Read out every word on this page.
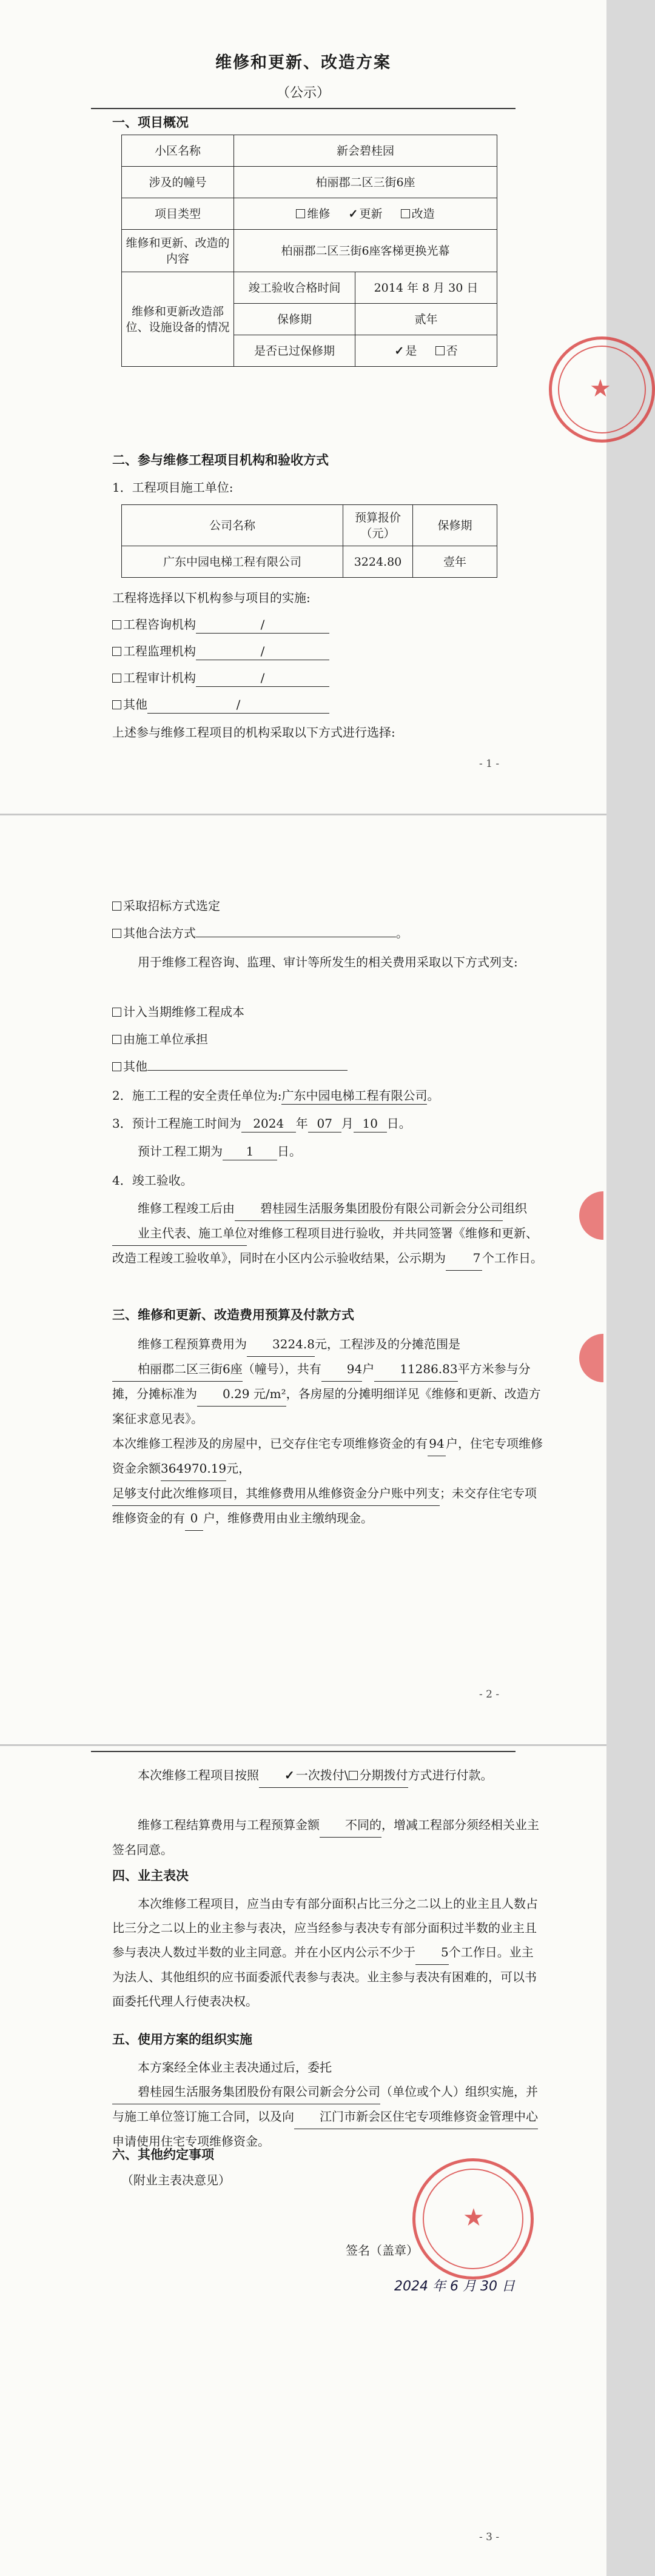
维修和更新、改造方案
（公示）
一、项目概况
小区名称	新会碧桂园	
涉及的幢号	柏丽郡二区三街6座	
项目类型	维修 ✓ 更新 改造	
维修和更新、改造的内容	柏丽郡二区三街6座客梯更换光幕	
维修和更新改造部位、设施设备的情况	竣工验收合格时间	2014 年 8 月 30 日
	保修期	贰年
	是否已过保修期	✓ 是 否
二、参与维修工程项目机构和验收方式
1．工程项目施工单位:
公司名称	预算报价（元）	保修期
广东中园电梯工程有限公司	3224.80	壹年
工程将选择以下机构参与项目的实施:
工程咨询机构	/
工程监理机构	/
工程审计机构	/
其他	/
上述参与维修工程项目的机构采取以下方式进行选择:
- 1 -
★
采取招标方式选定
其他合法方式	。
用于维修工程咨询、监理、审计等所发生的相关费用采取以下方式列支:
计入当期维修工程成本
由施工单位承担
其他
2．施工工程的安全责任单位为:广东中园电梯工程有限公司。
3．预计工程施工时间为 2024 年 07 月 10 日。
预计工程工期为 1 日。
4．竣工验收。
维修工程竣工后由 碧桂园生活服务集团股份有限公司新会分公司组织业主代表、施工单位对维修工程项目进行验收，并共同签署《维修和更新、改造工程竣工验收单》，同时在小区内公示验收结果，公示期为 7 个工作日。
三、维修和更新、改造费用预算及付款方式
维修工程预算费用为 3224.8元，工程涉及的分摊范围是柏丽郡二区三街6座（幢号），共有 94户 11286.83平方米参与分摊，分摊标准为 0.29 元/m²，各房屋的分摊明细详见《维修和更新、改造方案征求意见表》。
本次维修工程涉及的房屋中，已交存住宅专项维修资金的有 94 户，住宅专项维修资金余额364970.19元，足够支付此次维修项目，其维修费用从维修资金分户账中列支；未交存住宅专项维修资金的有 0 户，维修费用由业主缴纳现金。
- 2 -
本次维修工程项目按照 ✓ 一次拨付\ 分期拨付方式进行付款。
维修工程结算费用与工程预算金额 不同的，增减工程部分须经相关业主签名同意。
四、业主表决
本次维修工程项目，应当由专有部分面积占比三分之二以上的业主且人数占比三分之二以上的业主参与表决，应当经参与表决专有部分面积过半数的业主且参与表决人数过半数的业主同意。并在小区内公示不少于 5个工作日。业主为法人、其他组织的应书面委派代表参与表决。业主参与表决有困难的，可以书面委托代理人行使表决权。
五、使用方案的组织实施
本方案经全体业主表决通过后，委托碧桂园生活服务集团股份有限公司新会分公司（单位或个人）组织实施，并与施工单位签订施工合同，以及向 江门市新会区住宅专项维修资金管理中心申请使用住宅专项维修资金。
六、其他约定事项
（附业主表决意见）
签名（盖章）
2024 年 6 月 30 日
- 3 -
★
